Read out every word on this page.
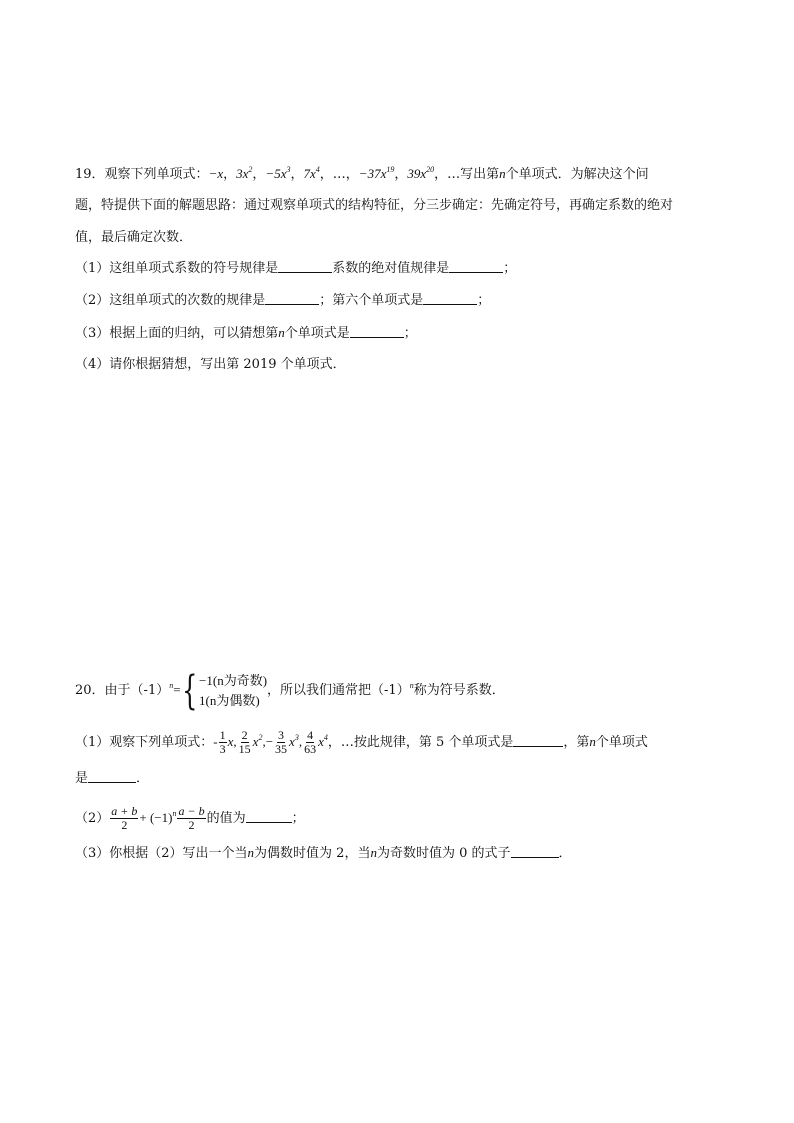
19．观察下列单项式：−x，$3x^2$，$-5x^3$，$7x^4$，…，$-37x^{19}$，$39x^{20}$，…写出第n个单项式．为解决这个问
题，特提供下面的解题思路：通过观察单项式的结构特征，分三步确定：先确定符号，再确定系数的绝对
值，最后确定次数．
（1）这组单项式系数的符号规律是	系数的绝对值规律是	；
（2）这组单项式的次数的规律是	；第六个单项式是	；
（3）根据上面的归纳，可以猜想第n个单项式是	；
（4）请你根据猜想，写出第 2019 个单项式．
20．由于$(-1)^n=$ { −1(n为奇数)
1(n为偶数)
，所以我们通常把$(-1)^n$称为符号系数．
（1）观察下列单项式：- $\frac{1}{3} x$, $\frac{2}{15} x^2,- \frac{3}{35} x^3$, $\frac{4}{63} x^4$，…按此规律，第 5 个单项式是	，第n个单项式
是	．
$(2) \frac{a + b}{2} + (-1)^n \frac{a - b}{2}$ 的值为	；
（3）你根据（2）写出一个当n为偶数时值为 2，当n为奇数时值为 0 的式子	．
